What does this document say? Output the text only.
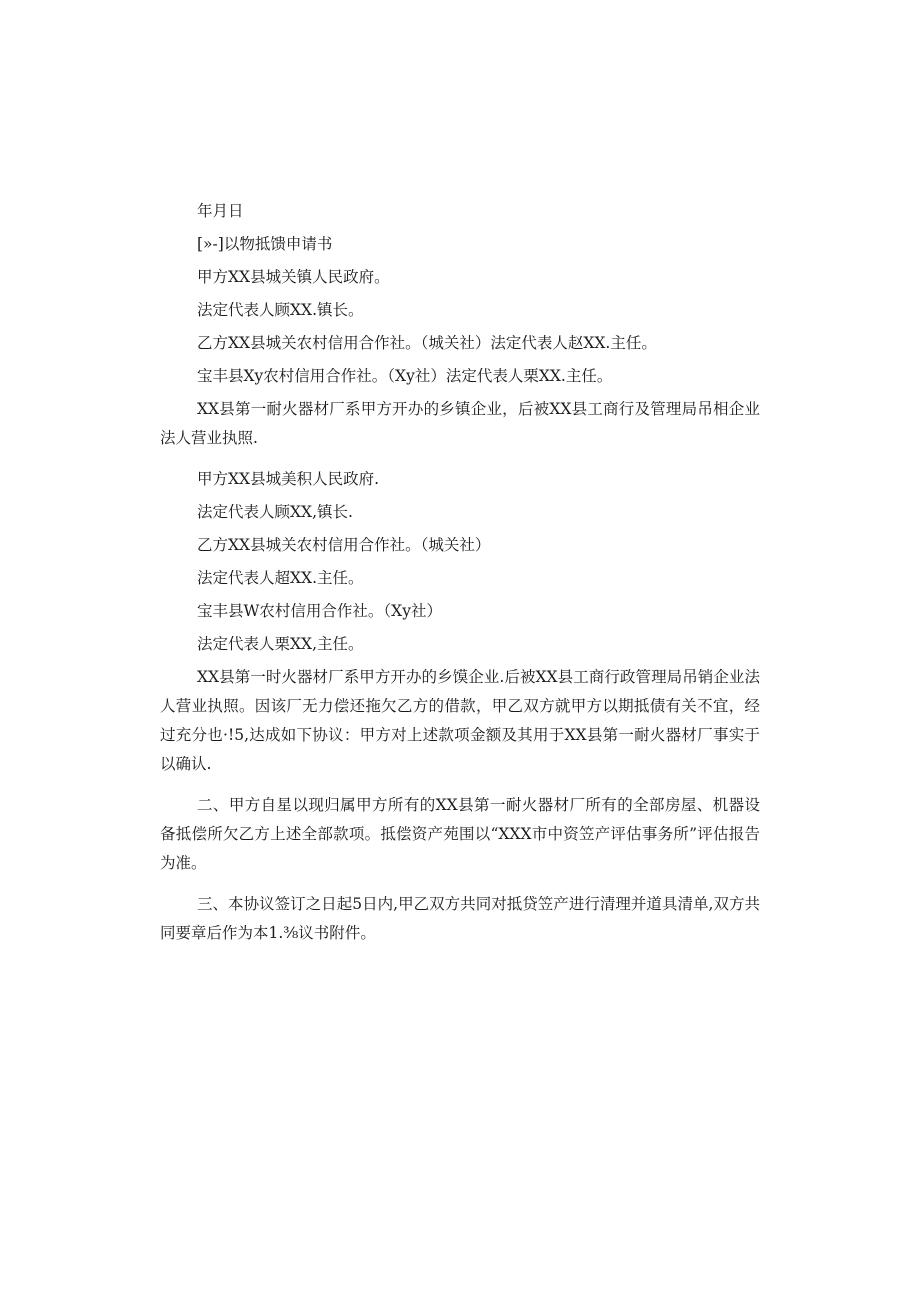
年月日

[»-]以物抵馈申请书

甲方XX县城关镇人民政府。

法定代表人顾XX.镇长。

乙方XX县城关农村信用合作社。（城关社）法定代表人赵XX.主任。

宝丰县Xy农村信用合作社。（Xy社）法定代表人栗XX.主任。

XX县第一耐火器材厂系甲方开办的乡镇企业，后被XX县工商行及管理局吊相企业法人营业执照.

甲方XX县城美积人民政府.

法定代表人顾XX,镇长.

乙方XX县城关农村信用合作社。（城关社）

法定代表人超XX.主任。

宝丰县W农村信用合作社。（Xy社）

法定代表人栗XX,主任。

XX县第一时火器材厂系甲方开办的乡馍企业.后被XX县工商行政管理局吊销企业法人营业执照。因该厂无力偿还拖欠乙方的借款，甲乙双方就甲方以期抵债有关不宜，经过充分也·!5,达成如下协议：甲方对上述款项金额及其用于XX县第一耐火器材厂事实于以确认.

二、甲方自星以现归属甲方所有的XX县第一耐火器材厂所有的全部房屋、机器设备抵偿所欠乙方上述全部款项。抵偿资产苑围以“XXX市中资笠产评估事务所”评估报告为准。

三、本协议签订之日起5日内,甲乙双方共同对抵贷笠产进行清理并道具清单,双方共同要章后作为本1.⅜议书附件。
